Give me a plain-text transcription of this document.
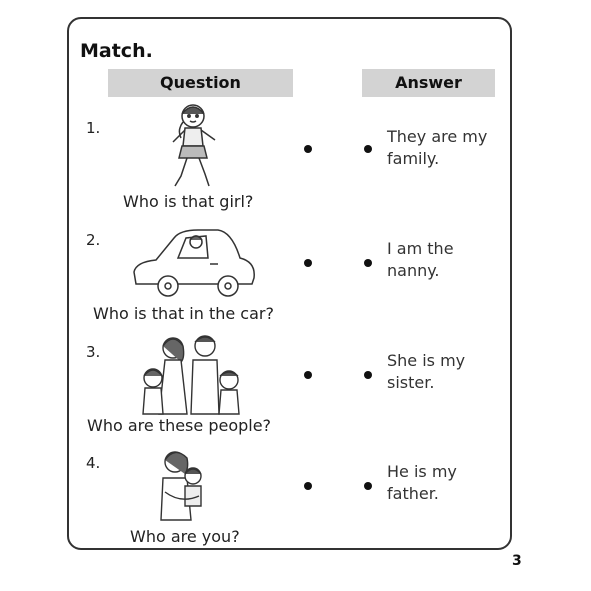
Match.
Question	Answer
1.
Who is that girl?
They are my family.
2.
Who is that in the car?
I am the nanny.
3.
Who are these people?
She is my sister.
4.
Who are you?
He is my father.
3
